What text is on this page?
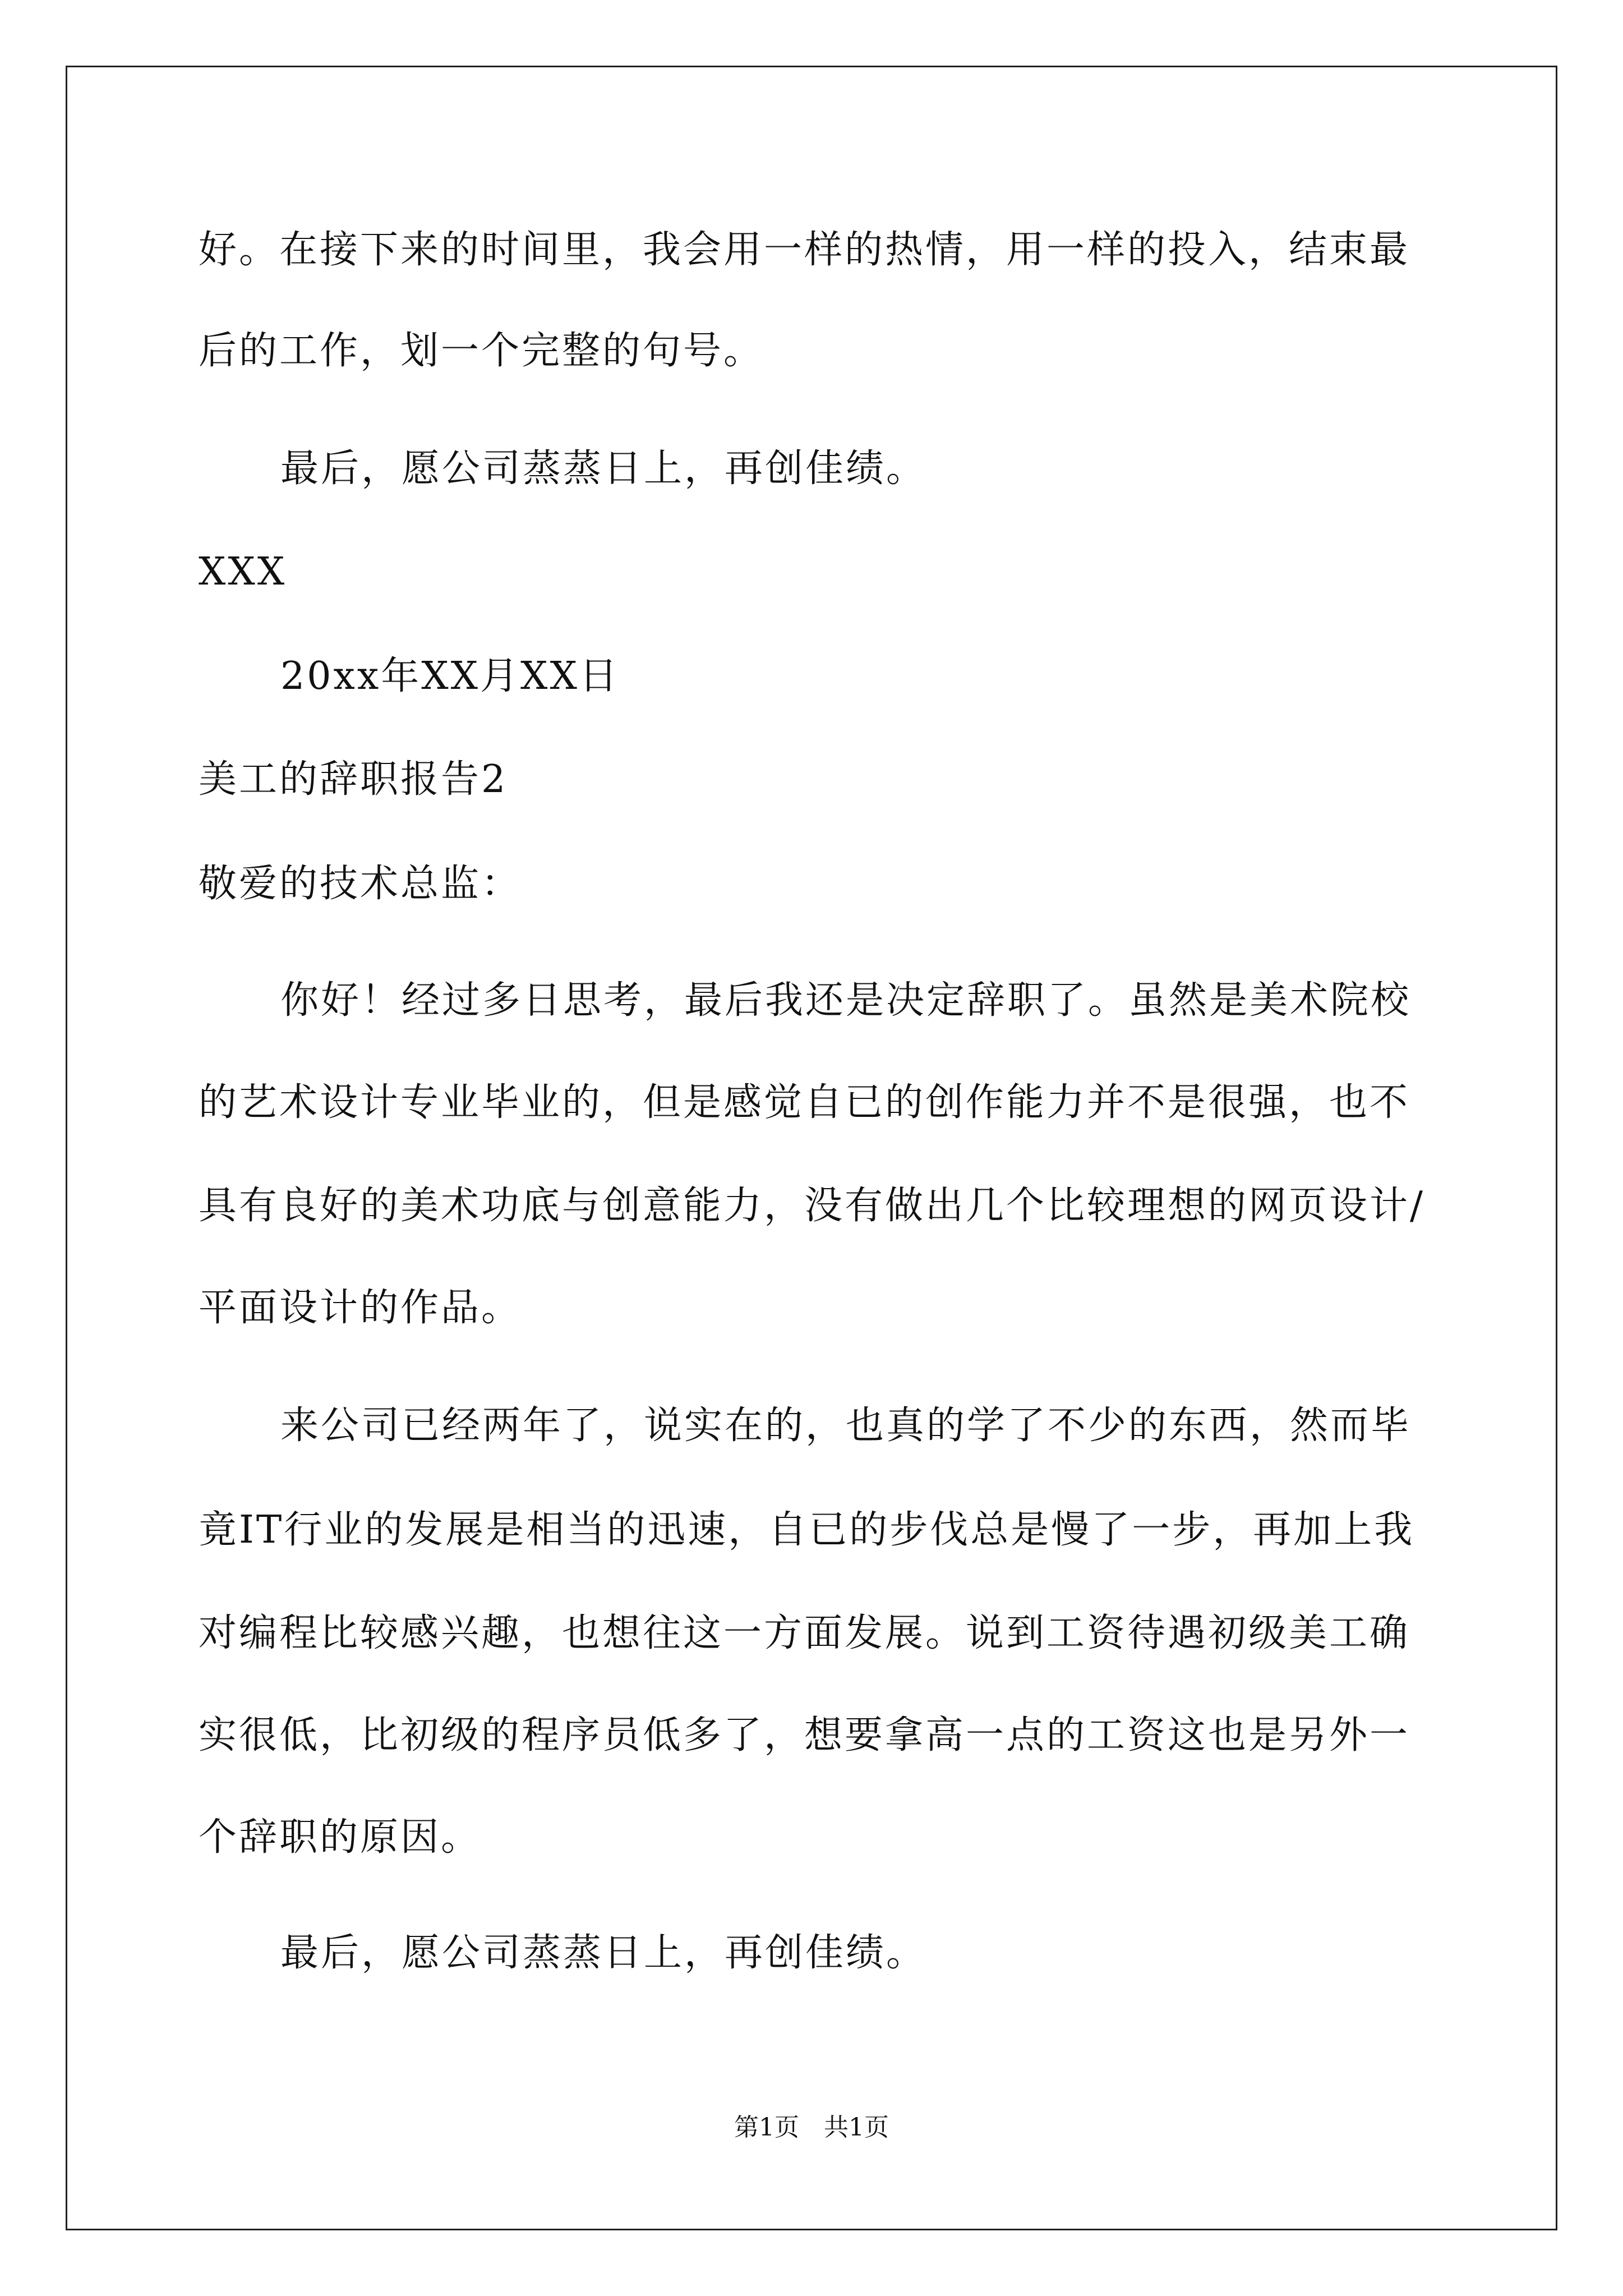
好。在接下来的时间里，我会用一样的热情，用一样的投入，结束最
后的工作，划一个完整的句号。
最后，愿公司蒸蒸日上，再创佳绩。
XXX
20xx年XX月XX日
美工的辞职报告2
敬爱的技术总监：
你好！经过多日思考，最后我还是决定辞职了。虽然是美术院校
的艺术设计专业毕业的，但是感觉自已的创作能力并不是很强，也不
具有良好的美术功底与创意能力，没有做出几个比较理想的网页设计/
平面设计的作品。
来公司已经两年了，说实在的，也真的学了不少的东西，然而毕
竟IT行业的发展是相当的迅速，自已的步伐总是慢了一步，再加上我
对编程比较感兴趣，也想往这一方面发展。说到工资待遇初级美工确
实很低，比初级的程序员低多了，想要拿高一点的工资这也是另外一
个辞职的原因。
最后，愿公司蒸蒸日上，再创佳绩。
第1页　共1页
